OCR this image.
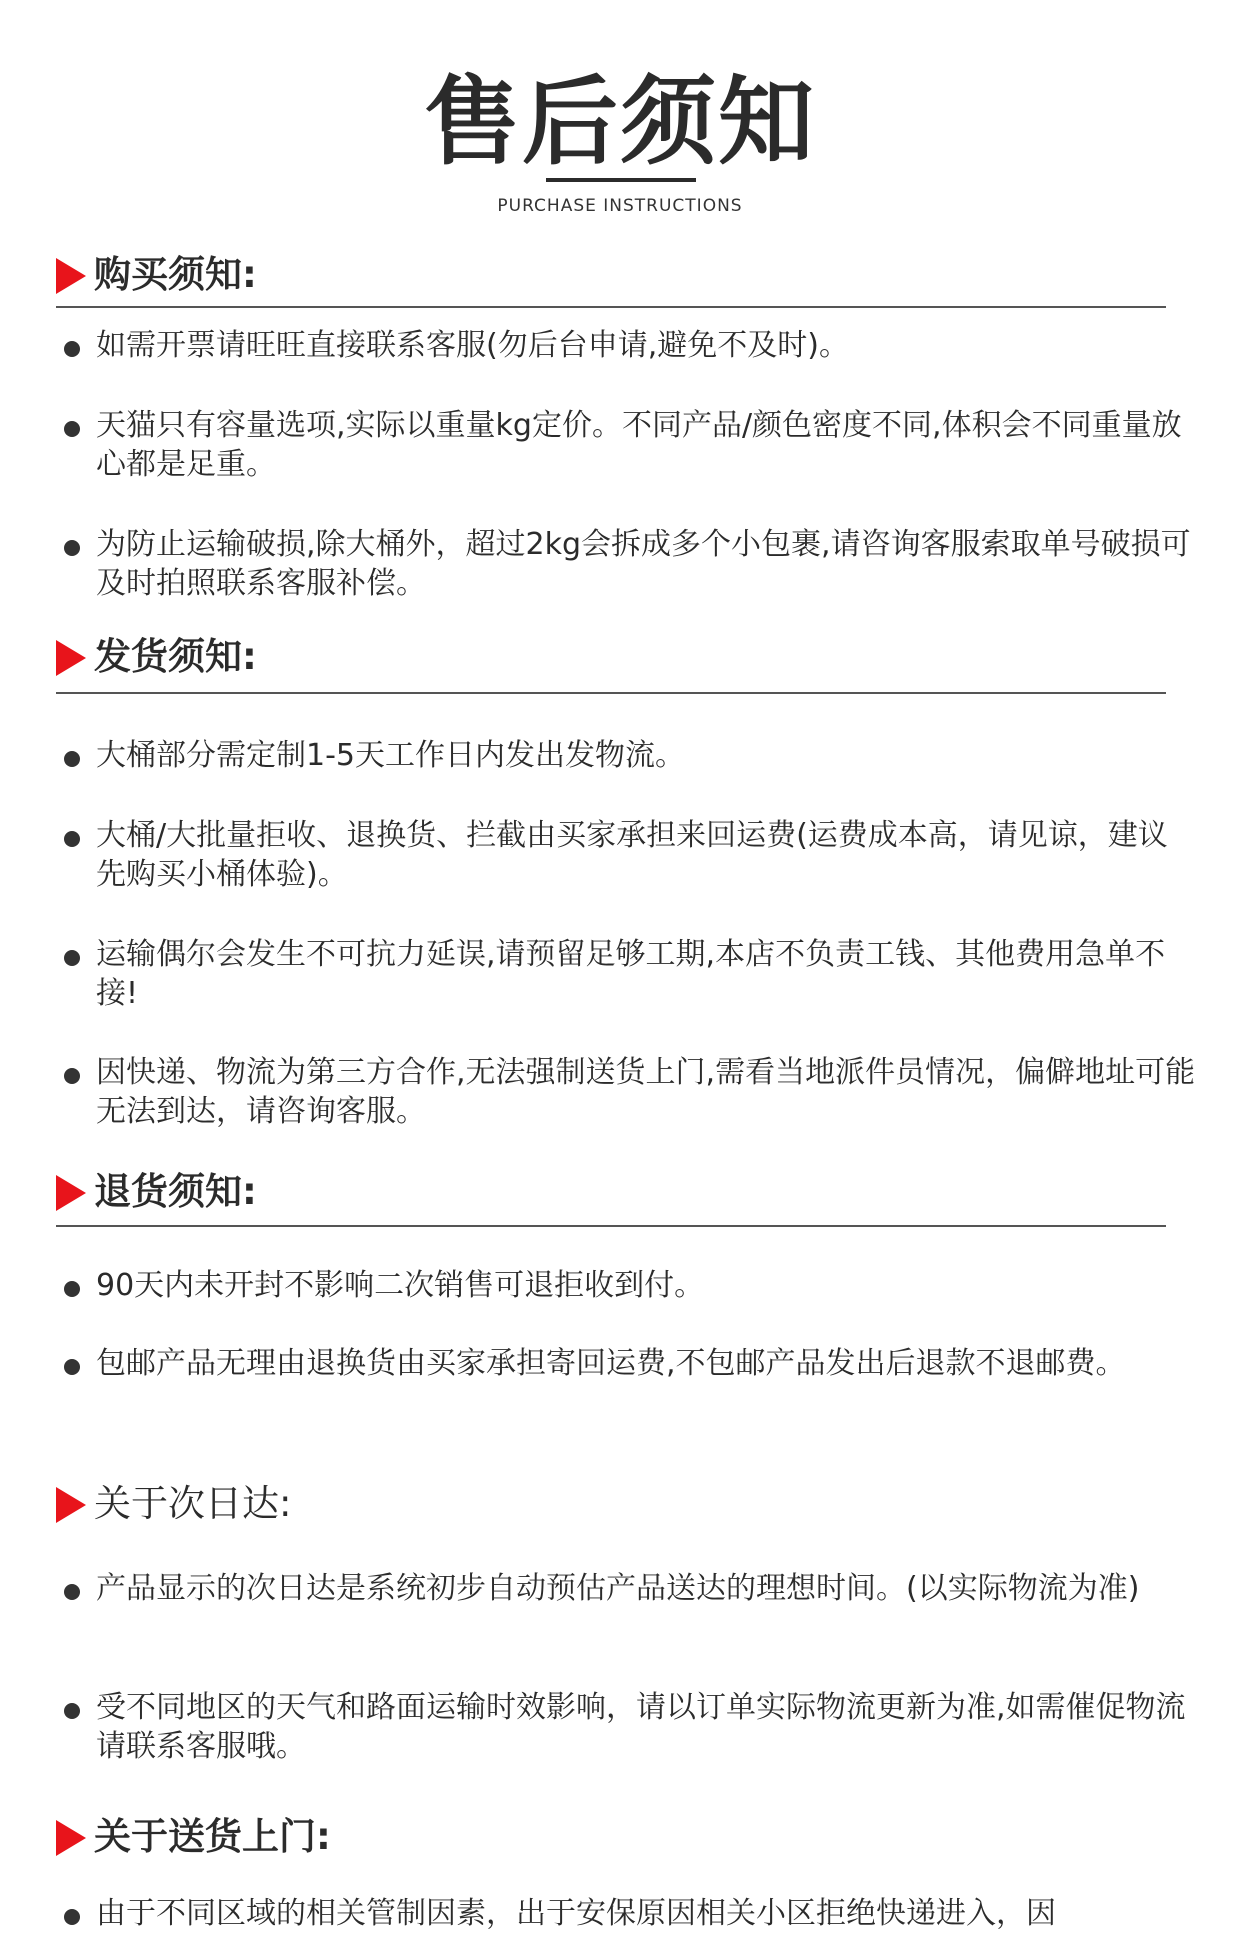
售后须知
PURCHASE INSTRUCTIONS
购买须知:
如需开票请旺旺直接联系客服(勿后台申请,避免不及时)。
天猫只有容量选项,实际以重量kg定价。不同产品/颜色密度不同,体积会不同重量放心都是足重。
为防止运输破损,除大桶外，超过2kg会拆成多个小包裹,请咨询客服索取单号破损可及时拍照联系客服补偿。
发货须知:
大桶部分需定制1-5天工作日内发出发物流。
大桶/大批量拒收、退换货、拦截由买家承担来回运费(运费成本高，请见谅，建议先购买小桶体验)。
运输偶尔会发生不可抗力延误,请预留足够工期,本店不负责工钱、其他费用急单不接!
因快递、物流为第三方合作,无法强制送货上门,需看当地派件员情况，偏僻地址可能无法到达，请咨询客服。
退货须知:
90天内未开封不影响二次销售可退拒收到付。
包邮产品无理由退换货由买家承担寄回运费,不包邮产品发出后退款不退邮费。
关于次日达:
产品显示的次日达是系统初步自动预估产品送达的理想时间。(以实际物流为准)
受不同地区的天气和路面运输时效影响，请以订单实际物流更新为准,如需催促物流请联系客服哦。
关于送货上门:
由于不同区域的相关管制因素，出于安保原因相关小区拒绝快递进入，因
